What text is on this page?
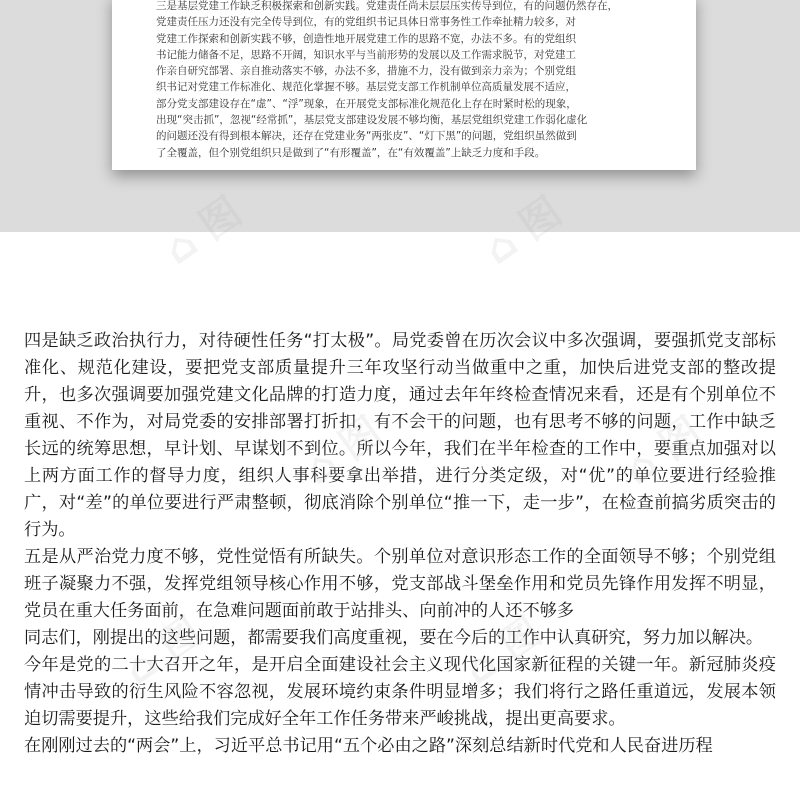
三是基层党建工作缺乏积极探索和创新实践。党建责任尚未层层压实传导到位，有的问题仍然存在，

党建责任压力还没有完全传导到位，有的党组织书记具体日常事务性工作牵扯精力较多，对

党建工作探索和创新实践不够，创造性地开展党建工作的思路不宽，办法不多。有的党组织

书记能力储备不足，思路不开阔，知识水平与当前形势的发展以及工作需求脱节，对党建工

作亲自研究部署、亲自推动落实不够，办法不多，措施不力，没有做到亲力亲为；个别党组

织书记对党建工作标准化、规范化掌握不够。基层党支部工作机制单位高质量发展不适应，

部分党支部建设存在“虚”、“浮”现象，在开展党支部标准化规范化上存在时紧时松的现象，

出现“突击抓”，忽视“经常抓”，基层党支部建设发展不够均衡，基层党组织党建工作弱化虚化

的问题还没有得到根本解决，还存在党建业务“两张皮”、“灯下黑”的问题，党组织虽然做到

了全覆盖，但个别党组织只是做到了“有形覆盖”，在“有效覆盖”上缺乏力度和手段。

四是缺乏政治执行力，对待硬性任务“打太极”。局党委曾在历次会议中多次强调，要强抓党支部标准化、规范化建设，要把党支部质量提升三年攻坚行动当做重中之重，加快后进党支部的整改提升，也多次强调要加强党建文化品牌的打造力度，通过去年年终检查情况来看，还是有个别单位不重视、不作为，对局党委的安排部署打折扣，有不会干的问题，也有思考不够的问题，工作中缺乏长远的统筹思想，早计划、早谋划不到位。所以今年，我们在半年检查的工作中，要重点加强对以上两方面工作的督导力度，组织人事科要拿出举措，进行分类定级，对“优”的单位要进行经验推广，对“差”的单位要进行严肃整顿，彻底消除个别单位“推一下，走一步”，在检查前搞劣质突击的行为。

五是从严治党力度不够，党性觉悟有所缺失。个别单位对意识形态工作的全面领导不够；个别党组班子凝聚力不强，发挥党组领导核心作用不够，党支部战斗堡垒作用和党员先锋作用发挥不明显，党员在重大任务面前，在急难问题面前敢于站排头、向前冲的人还不够多

同志们，刚提出的这些问题，都需要我们高度重视，要在今后的工作中认真研究，努力加以解决。

今年是党的二十大召开之年，是开启全面建设社会主义现代化国家新征程的关键一年。新冠肺炎疫情冲击导致的衍生风险不容忽视，发展环境约束条件明显增多；我们将行之路任重道远，发展本领迫切需要提升，这些给我们完成好全年工作任务带来严峻挑战，提出更高要求。

在刚刚过去的“两会”上，习近平总书记用“五个必由之路”深刻总结新时代党和人民奋进历程

⌂ 图	⌂ 图
⌂ 图	⌂ 图
